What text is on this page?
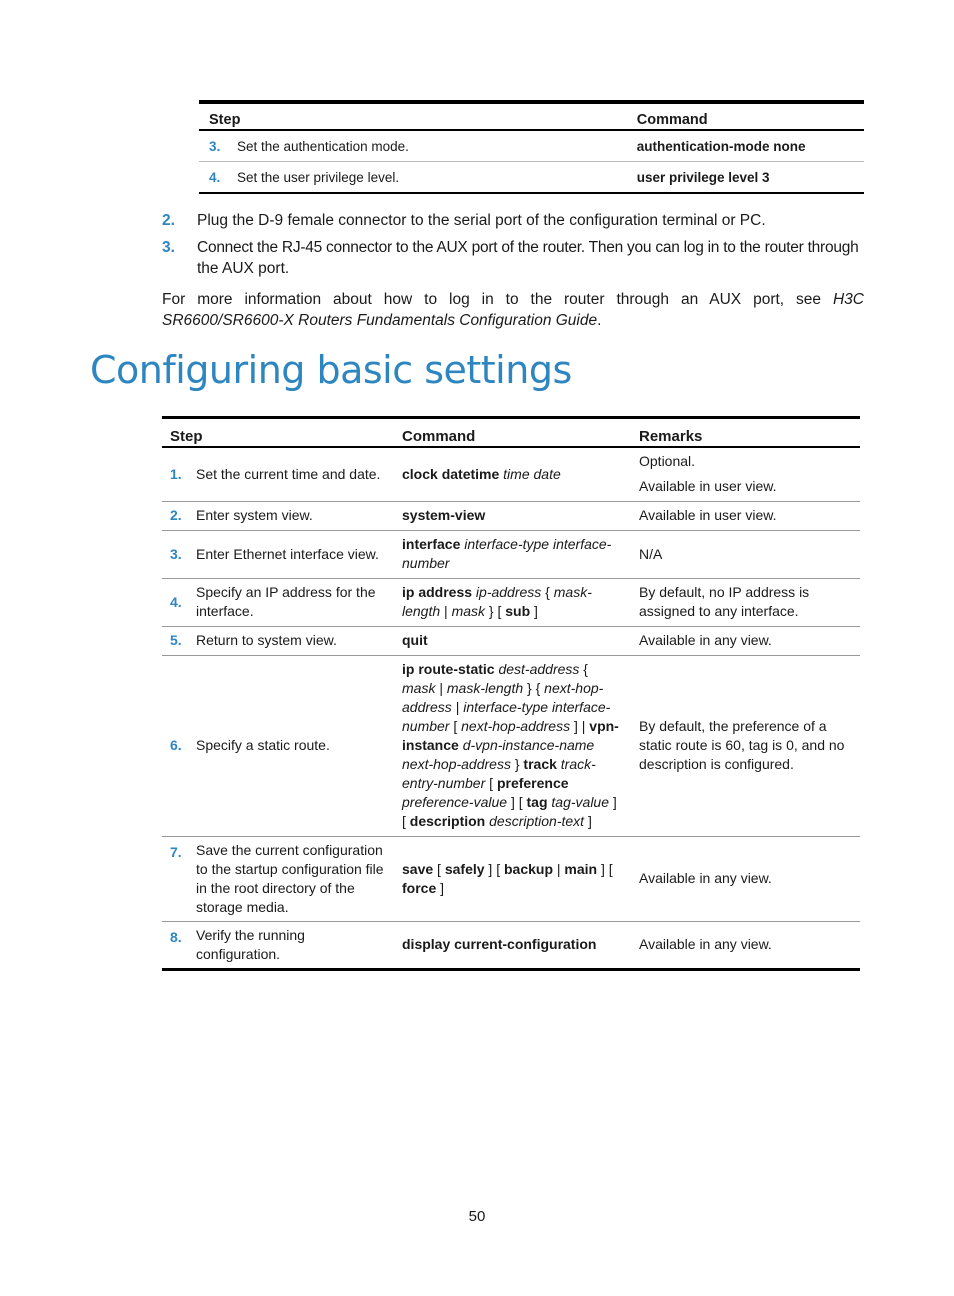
Step		Command
3.	Set the authentication mode.	authentication-mode none
4.	Set the user privilege level.	user privilege level 3
2. Plug the D-9 female connector to the serial port of the configuration terminal or PC.
3. Connect the RJ-45 connector to the AUX port of the router. Then you can log in to the router through
the AUX port.
For more information about how to log in to the router through an AUX port, see H3C
SR6600/SR6600-X Routers Fundamentals Configuration Guide.
Configuring basic settings
Step		Command	Remarks
1.	Set the current time and date.	clock datetime time date	Optional.
Available in user view.

2.	Enter system view.	system-view	Available in user view.
3.	Enter Ethernet interface view.	interface interface-type interface-number	N/A
4.	Specify an IP address for the interface.	ip address ip-address { mask-length | mask } [ sub ]	By default, no IP address is assigned to any interface.
5.	Return to system view.	quit	Available in any view.
6.	Specify a static route.	ip route-static dest-address { mask | mask-length } { next-hop-address | interface-type interface-number [ next-hop-address ] | vpn-instance d-vpn-instance-name next-hop-address } track track-entry-number [ preference preference-value ] [ tag tag-value ] [ description description-text ]	By default, the preference of a static route is 60, tag is 0, and no description is configured.
7.	Save the current configuration to the startup configuration file in the root directory of the storage media.	save [ safely ] [ backup | main ] [ force ]	Available in any view.
8.	Verify the running configuration.	display current-configuration	Available in any view.
50
